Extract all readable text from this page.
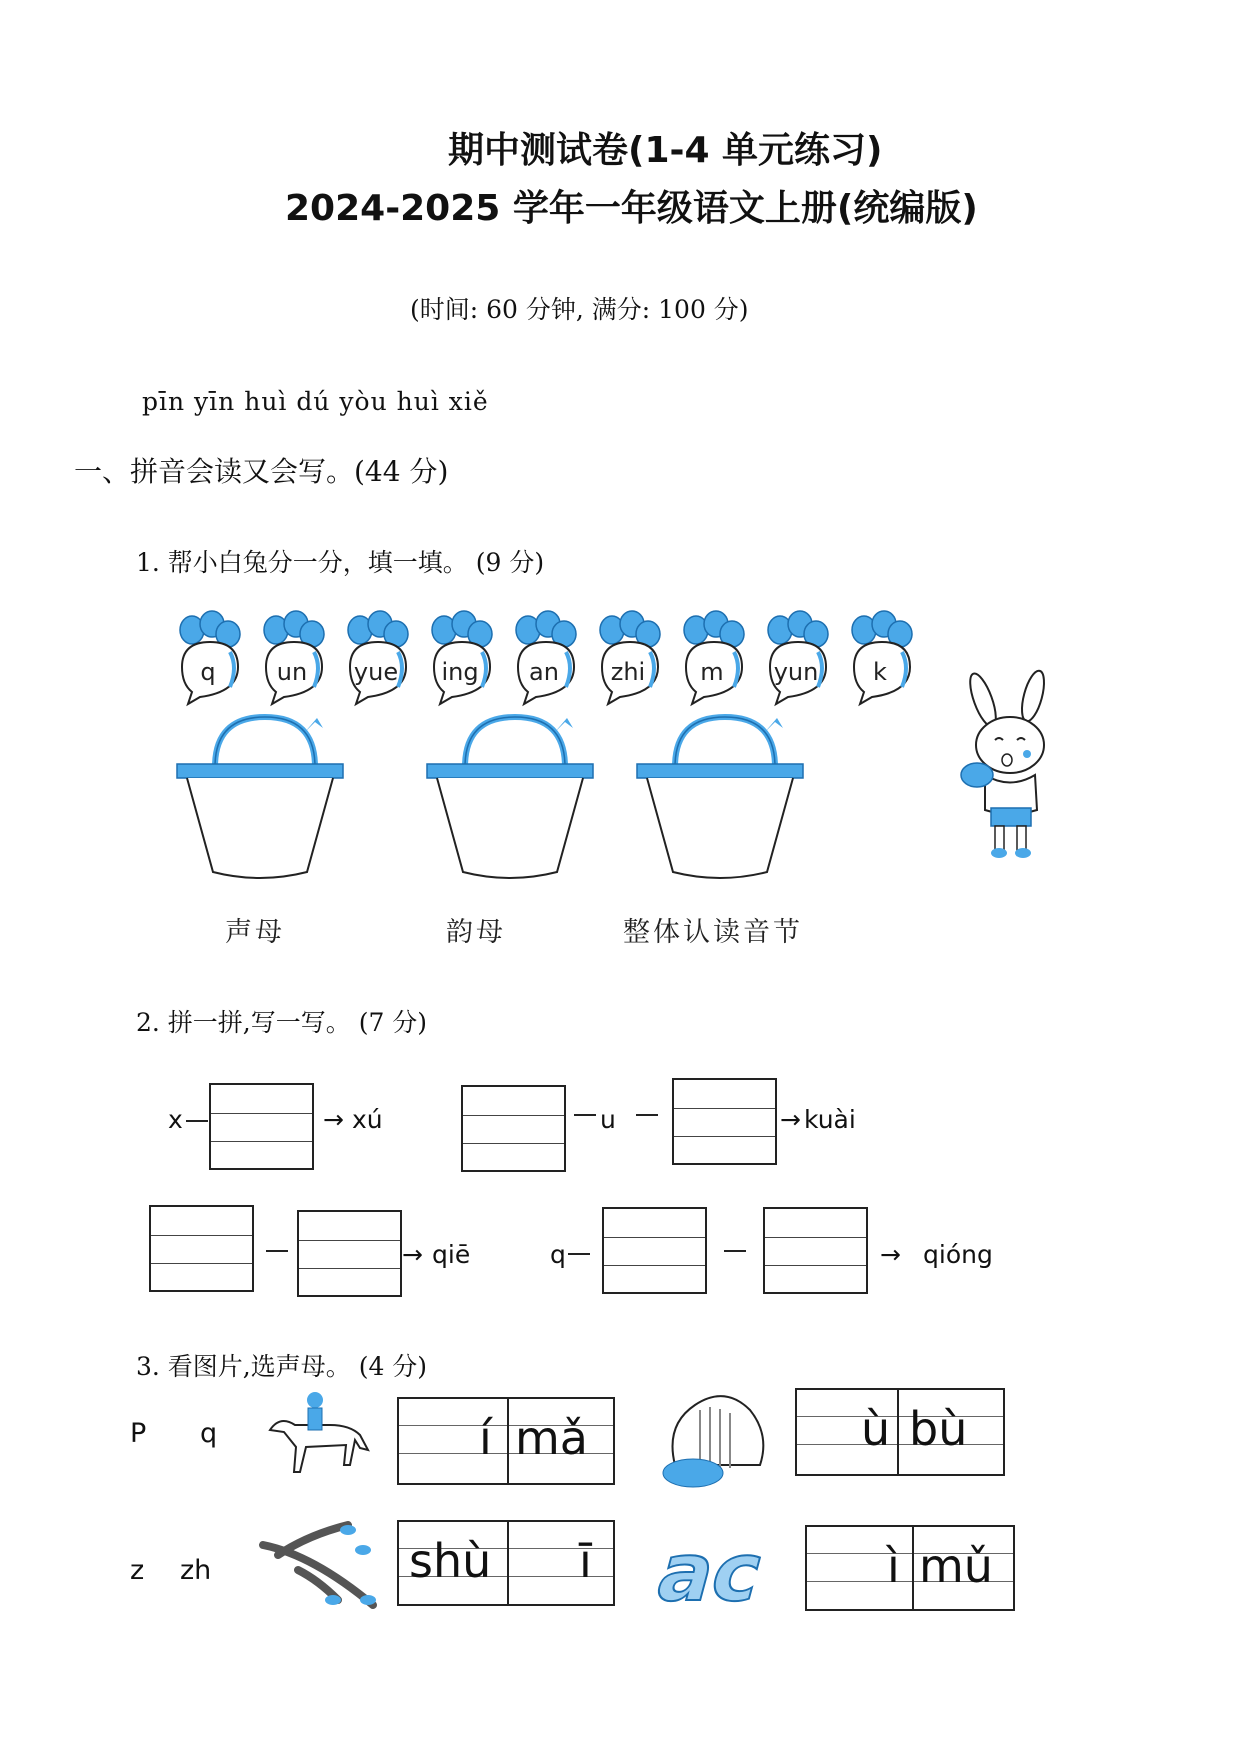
期中测试卷(1-4 单元练习)
2024-2025 学年一年级语文上册(统编版)
(时间: 60 分钟, 满分: 100 分)
pīn yīn huì dú yòu huì xiě
一、拼音会读又会写。(44 分)
1. 帮小白兔分一分，填一填。 (9 分)
q	un yue ing an zhi m yun k
声母	韵母	整体认读音节
2. 拼一拼,写一写。 (7 分)
x	→ xú	u	→ kuài
→ qiē	q	→ qióng
3. 看图片,选声母。 (4 分)
P q
z zh
í mǎ	ù bù
shù ī ac ì mǔ
